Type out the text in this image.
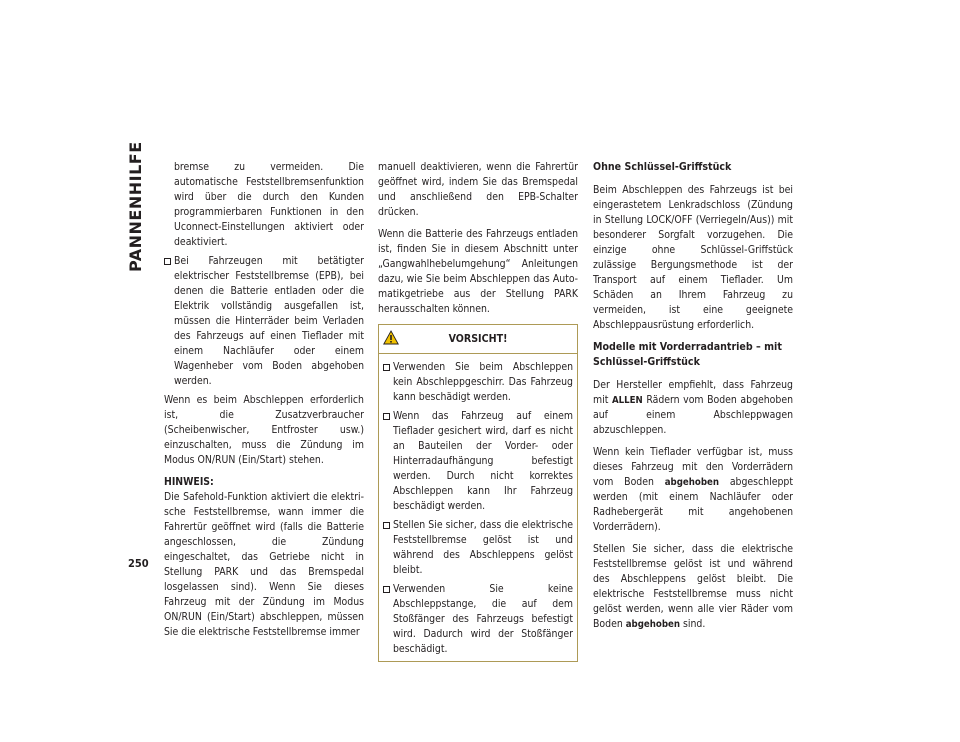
PANNENHILFE
250
bremse zu vermeiden. Die automatische Feststellbremsenfunktion wird über die durch den Kunden programmierbaren Funktionen in den Uconnect-Einstellungen aktiviert oder deaktiviert.
Bei Fahrzeugen mit betätigter elektrischer Feststellbremse (EPB), bei denen die Batterie entladen oder die Elektrik vollständig ausgefallen ist, müssen die Hinterräder beim Verladen des Fahrzeugs auf einen Tieflader mit einem Nachläufer oder einem Wagenheber vom Boden abgehoben werden.

Wenn es beim Abschleppen erforderlich ist, die Zusatzverbraucher (Scheibenwischer, Entfroster usw.) einzuschalten, muss die Zündung im Modus ON/RUN (Ein/Start) stehen.

HINWEIS:
Die Safehold-Funktion aktiviert die elektrische Feststellbremse, wann immer die Fahrertür geöffnet wird (falls die Batterie angeschlossen, die Zündung eingeschaltet, das Getriebe nicht in Stellung PARK und das Bremspedal losgelassen sind). Wenn Sie dieses Fahrzeug mit der Zündung im Modus ON/RUN (Ein/Start) abschleppen, müssen Sie die elektrische Feststellbremse immer

manuell deaktivieren, wenn die Fahrertür geöffnet wird, indem Sie das Bremspedal und anschließend den EPB-Schalter drücken.

Wenn die Batterie des Fahrzeugs entladen ist, finden Sie in diesem Abschnitt unter „Gangwahlhebelumgehung“ Anleitungen dazu, wie Sie beim Abschleppen das Automatikgetriebe aus der Stellung PARK herausschalten können.

VORSICHT!
Verwenden Sie beim Abschleppen kein Abschleppgeschirr. Das Fahrzeug kann beschädigt werden.
Wenn das Fahrzeug auf einem Tieflader gesichert wird, darf es nicht an Bauteilen der Vorder- oder Hinterradaufhängung befestigt werden. Durch nicht korrektes Abschleppen kann Ihr Fahrzeug beschädigt werden.
Stellen Sie sicher, dass die elektrische Feststellbremse gelöst ist und während des Abschleppens gelöst bleibt.
Verwenden Sie keine Abschleppstange, die auf dem Stoßfänger des Fahrzeugs befestigt wird. Dadurch wird der Stoßfänger beschädigt.
Ohne Schlüssel-Griffstück

Beim Abschleppen des Fahrzeugs ist bei eingerastetem Lenkradschloss (Zündung in Stellung LOCK/OFF (Verriegeln/Aus)) mit besonderer Sorgfalt vorzugehen. Die einzige ohne Schlüssel-Griffstück zulässige Bergungsmethode ist der Transport auf einem Tieflader. Um Schäden an Ihrem Fahrzeug zu vermeiden, ist eine geeignete Abschleppausrüstung erforderlich.

Modelle mit Vorderradantrieb – mit Schlüssel-Griffstück

Der Hersteller empfiehlt, dass Fahrzeug mit ALLEN Rädern vom Boden abgehoben auf einem Abschleppwagen abzuschleppen.

Wenn kein Tieflader verfügbar ist, muss dieses Fahrzeug mit den Vorderrädern vom Boden abgehoben abgeschleppt werden (mit einem Nachläufer oder Radhebergerät mit angehobenen Vorderrädern).

Stellen Sie sicher, dass die elektrische Feststellbremse gelöst ist und während des Abschleppens gelöst bleibt. Die elektrische Feststellbremse muss nicht gelöst werden, wenn alle vier Räder vom Boden abgehoben sind.
